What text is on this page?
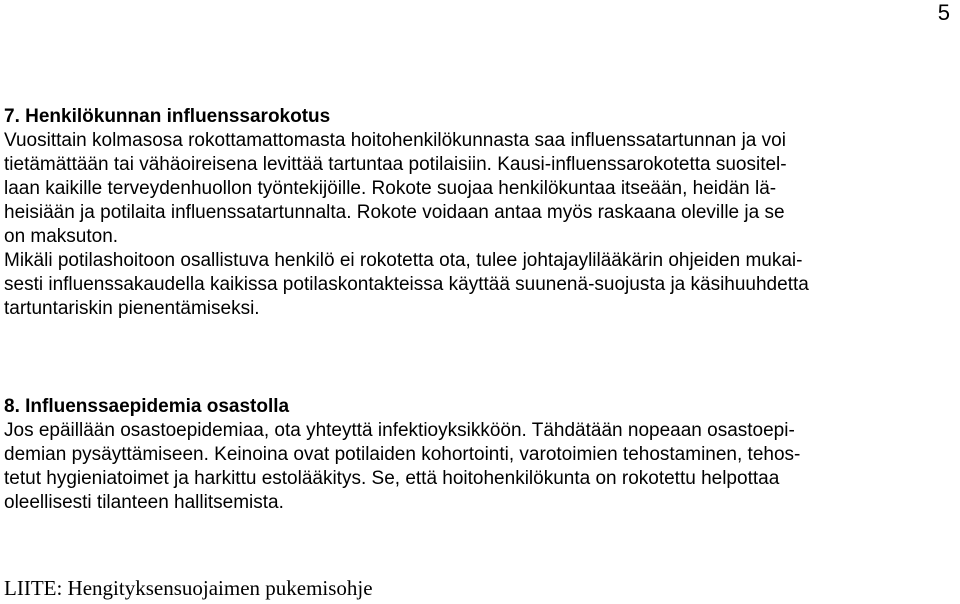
5
7. Henkilökunnan influenssarokotus
Vuosittain kolmasosa rokottamattomasta hoitohenkilökunnasta saa influenssatartunnan ja voi
tietämättään tai vähäoireisena levittää tartuntaa potilaisiin. Kausi-influenssarokotetta suositel-
laan kaikille terveydenhuollon työntekijöille. Rokote suojaa henkilökuntaa itseään, heidän lä-
heisiään ja potilaita influenssatartunnalta. Rokote voidaan antaa myös raskaana oleville ja se
on maksuton.
Mikäli potilashoitoon osallistuva henkilö ei rokotetta ota, tulee johtajaylilääkärin ohjeiden mukai-
sesti influenssakaudella kaikissa potilaskontakteissa käyttää suunenä-suojusta ja käsihuuhdetta
tartuntariskin pienentämiseksi.
8. Influenssaepidemia osastolla
Jos epäillään osastoepidemiaa, ota yhteyttä infektioyksikköön. Tähdätään nopeaan osastoepi-
demian pysäyttämiseen. Keinoina ovat potilaiden kohortointi, varotoimien tehostaminen, tehos-
tetut hygieniatoimet ja harkittu estolääkitys. Se, että hoitohenkilökunta on rokotettu helpottaa
oleellisesti tilanteen hallitsemista.
LIITE: Hengityksensuojaimen pukemisohje
